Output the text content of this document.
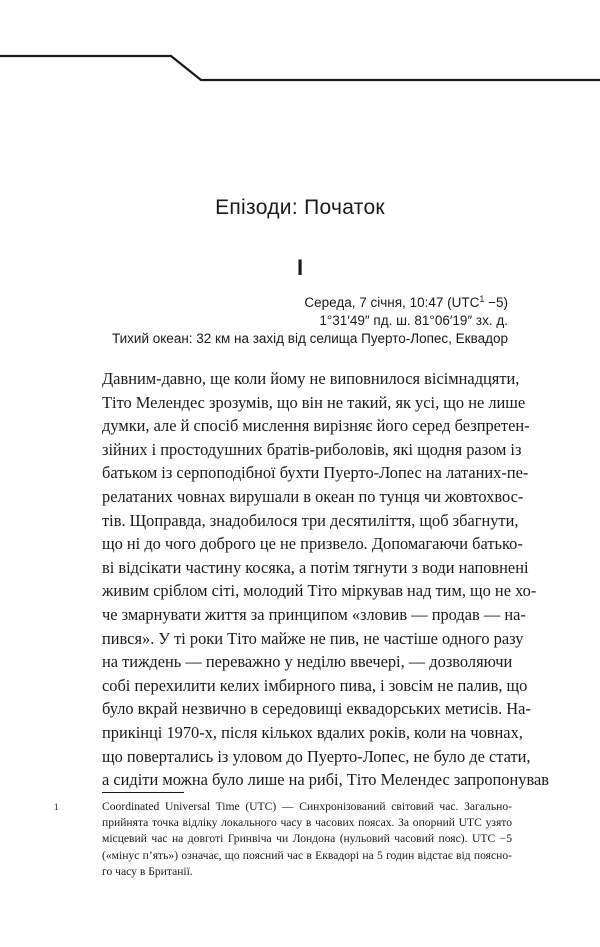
Епізоди: Початок
I
Середа, 7 січня, 10:47 $(UTC^1 -5)$
1°31′49″ пд. ш. 81°06′19″ зх. д.
Тихий океан: 32 км на захід від селища Пуерто-Лопес, Еквадор
Давним-давно, ще коли йому не виповнилося вісімнадцяти,
Тіто Мелендес зрозумів, що він не такий, як усі, що не лише
думки, але й спосіб мислення вирізняє його серед безпретен-
зійних і простодушних братів-риболовів, які щодня разом із
батьком із серпоподібної бухти Пуерто-Лопес на латаних-пе-
релатаних човнах вирушали в океан по тунця чи жовтохвос-
тів. Щоправда, знадобилося три десятиліття, щоб збагнути,
що ні до чого доброго це не призвело. Допомагаючи батько-
ві відсікати частину косяка, а потім тягнути з води наповнені
живим сріблом сіті, молодий Тіто міркував над тим, що не хо-
че змарнувати життя за принципом «зловив — продав — на-
пився». У ті роки Тіто майже не пив, не частіше одного разу
на тиждень — переважно у неділю ввечері, — дозволяючи
собі перехилити келих імбирного пива, і зовсім не палив, що
було вкрай незвично в середовищі еквадорських метисів. На-
прикінці 1970-х, після кількох вдалих років, коли на човнах,
що повертались із уловом до Пуерто-Лопес, не було де стати,
а сидіти можна було лише на рибі, Тіто Мелендес запропонував
1	Coordinated Universal Time (UTC) — Синхронізований світовий час. Загально-
прийнята точка відліку локального часу в часових поясах. За опорний UTC узято
місцевий час на довготі Гринвіча чи Лондона (нульовий часовий пояс). UTC −5
(«мінус п’ять») означає, що поясний час в Еквадорі на 5 годин відстає від поясно-
го часу в Британії.
